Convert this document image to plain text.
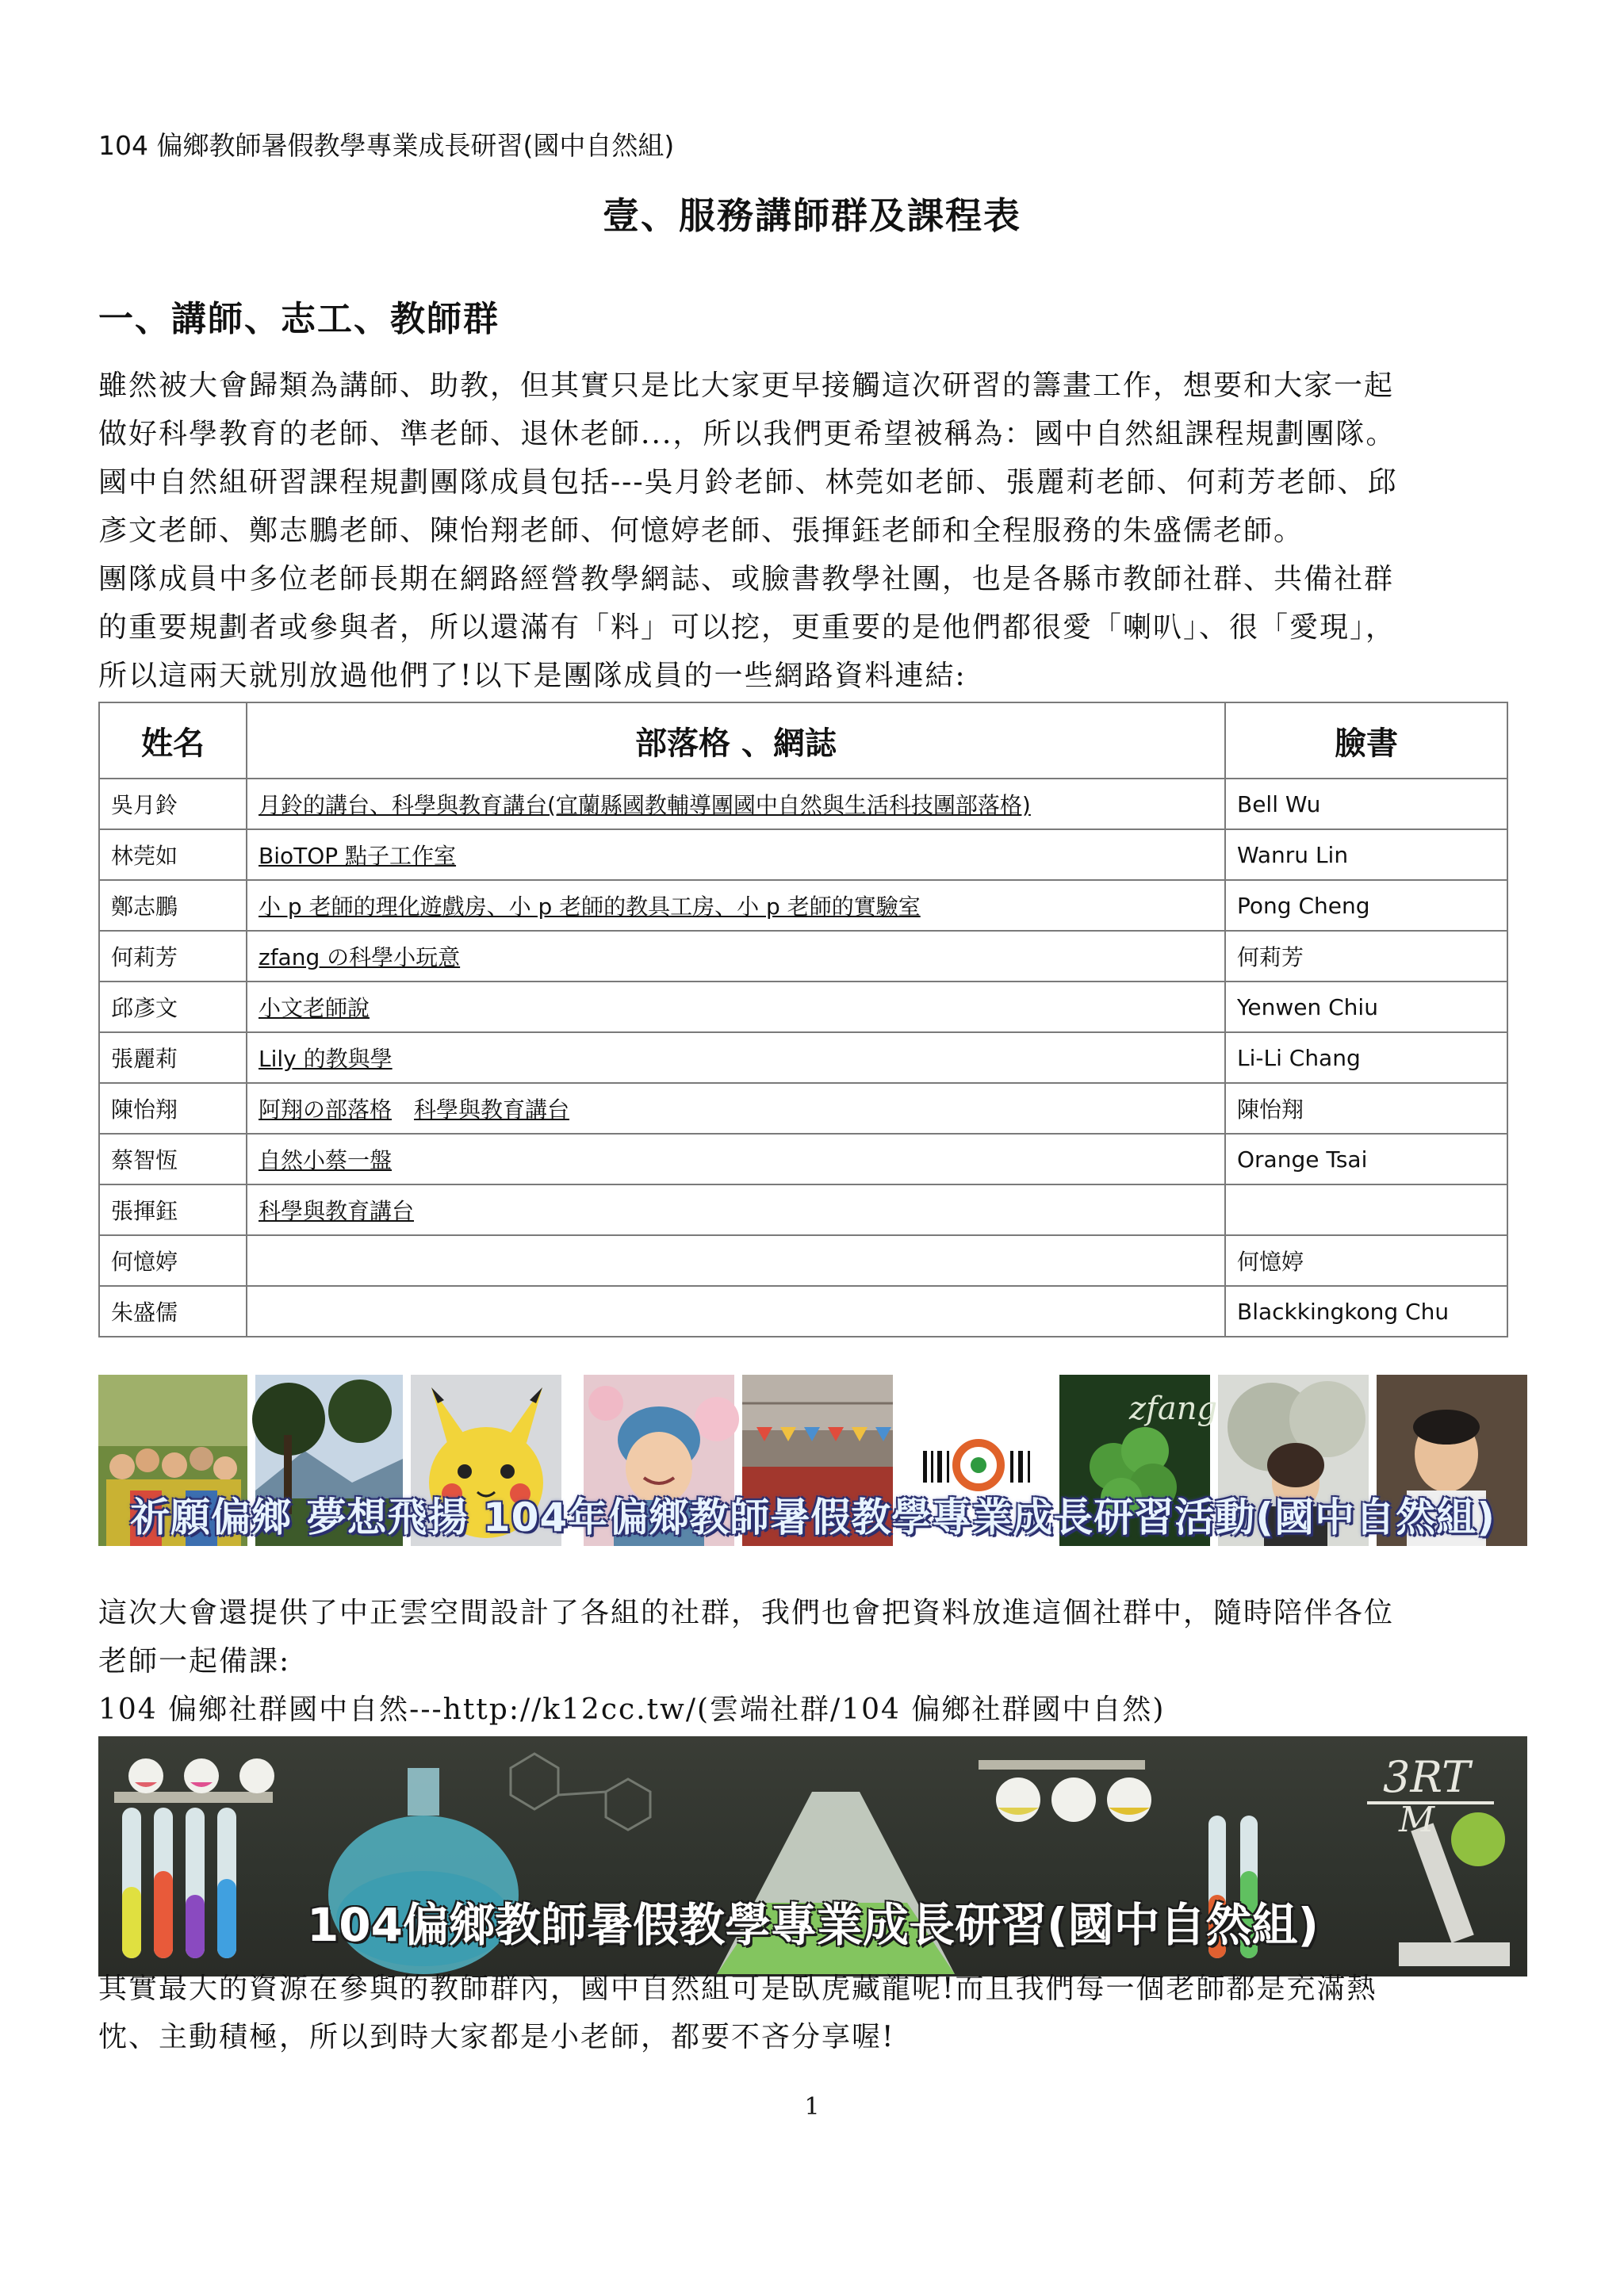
104 偏鄉教師暑假教學專業成長研習(國中自然組)
壹、服務講師群及課程表
一、講師、志工、教師群
雖然被大會歸類為講師、助教，但其實只是比大家更早接觸這次研習的籌畫工作，想要和大家一起
做好科學教育的老師、準老師、退休老師...，所以我們更希望被稱為：國中自然組課程規劃團隊。
國中自然組研習課程規劃團隊成員包括---吳月鈴老師、林莞如老師、張麗莉老師、何莉芳老師、邱
彥文老師、鄭志鵬老師、陳怡翔老師、何憶婷老師、張揮鈺老師和全程服務的朱盛儒老師。
團隊成員中多位老師長期在網路經營教學網誌、或臉書教學社團，也是各縣市教師社群、共備社群
的重要規劃者或參與者，所以還滿有「料」可以挖，更重要的是他們都很愛「喇叭」、很「愛現」，
所以這兩天就別放過他們了!以下是團隊成員的一些網路資料連結:
姓名	部落格 、網誌	臉書
吳月鈴	月鈴的講台、科學與教育講台(宜蘭縣國教輔導團國中自然與生活科技團部落格)	Bell Wu
林莞如	BioTOP 點子工作室	Wanru Lin
鄭志鵬	小 p 老師的理化遊戲房、小 p 老師的教具工房、小 p 老師的實驗室	Pong Cheng
何莉芳	zfang の科學小玩意	何莉芳
邱彥文	小文老師說	Yenwen Chiu
張麗莉	Lily 的教與學	Li-Li Chang
陳怡翔	阿翔の部落格 科學與教育講台	陳怡翔
蔡智恆	自然小蔡一盤	Orange Tsai
張揮鈺	科學與教育講台	
何憶婷		何憶婷
朱盛儒		Blackkingkong Chu
zfang
祈願偏鄉 夢想飛揚 104年偏鄉教師暑假教學專業成長研習活動(國中自然組)
這次大會還提供了中正雲空間設計了各組的社群，我們也會把資料放進這個社群中，隨時陪伴各位
老師一起備課:
104 偏鄉社群國中自然---http://k12cc.tw/(雲端社群/104 偏鄉社群國中自然)
3RT
M
104偏鄉教師暑假教學專業成長研習(國中自然組)
其實最大的資源在參與的教師群內，國中自然組可是臥虎藏龍呢!而且我們每一個老師都是充滿熱
忱、主動積極，所以到時大家都是小老師，都要不吝分享喔!
1
